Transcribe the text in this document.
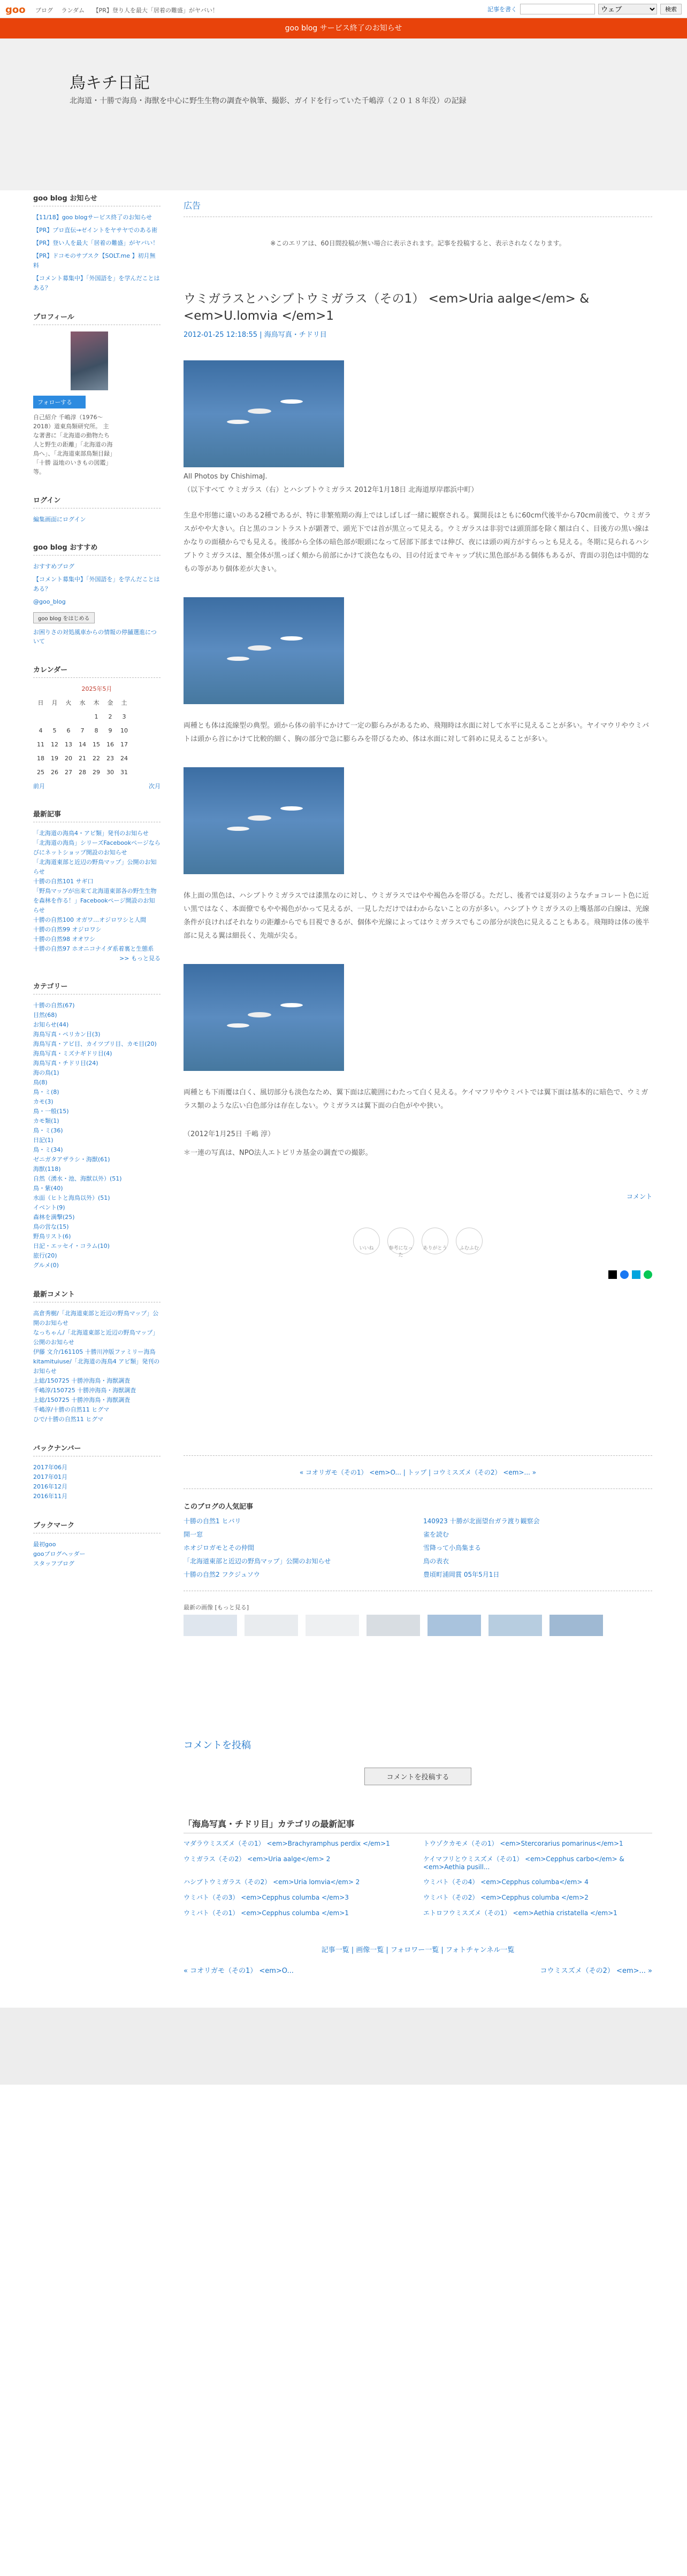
goo ブログ ランダム 【PR】登り人を最大「居着の難盛」がヤバい！	記事を書く
ウェブ	検索
goo blog サービス終了のお知らせ
鳥キチ日記
北海道・十勝で海鳥・海獣を中心に野生生物の調査や執筆、撮影、ガイドを行っていた千嶋淳（２０１８年没）の記録
goo blog お知らせ
【11/18】goo blogサービス終了のお知らせ
【PR】プロ直伝→ゼイントをヤサヤでのある術
【PR】登い人を最大「居着の難盛」がヤバい！
【PR】ドコモのサブスク【SOLT.me 】初月無料
【コメント募集中】「外国語を」を学んだことはある？
プロフィール
フォローする
自己紹介 千嶋淳（1976〜2018）道東鳥類研究所。 主な著書に「北海道の動物たち 人と野生の距離」「北海道の海鳥へ」、「北海道東部鳥類目録」「十勝 溢地のいきもの図鑑」等。
ログイン
編集画面にログイン
goo blog おすすめ
おすすめブログ
【コメント募集中】「外国語を」を学んだことはある？
@goo_blog
goo blog をはじめる
お困りさの対処風車からの情報の停舗選進について
カレンダー
2025年5月
日	月	火	水	木	金	土
				1	2	3
4	5	6	7	8	9	10
11	12	13	14	15	16	17
18	19	20	21	22	23	24
25	26	27	28	29	30	31
前月	次月
最新記事
「北海道の海鳥4・アビ類」発刊のお知らせ
「北海道の海鳥」シリーズFacebookページならびにネットショップ開設のお知らせ
「北海道東部と近辺の野鳥マップ」公開のお知らせ
十勝の自然101 サギ口
「野鳥マップが出来て北海道東部各の野生生物を森林を作る！」Facebookページ開設のお知らせ
十勝の自然100 オガワ…オジロワシと人間
十勝の自然99 オジロワシ
十勝の自然98 オオワシ
十勝の自然97 ホオニコナイダ系着裏と生態系
>> もっと見る
カテゴリー
十勝の自然(67)
目然(68)
お知らせ(44)
海鳥写真・ペリカン目(3)
海鳥写真・アビ目、カイツブリ目、カモ目(20)
海鳥写真・ミズナギドリ目(4)
海鳥写真・チドリ目(24)
海の鳥(1)
鳥(8)
鳥・ミ(8)
カモ(3)
鳥・一般(15)
カモ類(1)
鳥・ミ(36)
日記(1)
鳥・ミ(34)
ゼニガタアザラシ・海獣(61)
海獣(118)
自然（湧水・池、海獣以外）(51)
鳥・紫(40)
水面（ヒトと海鳥以外）(51)
イベント(9)
森林を満撃(25)
鳥の営な(15)
野鳥リスト(6)
日記・エッセイ・コラム(10)
旅行(20)
グルメ(0)
最新コメント
高倉秀樹/「北海道東部と近辺の野鳥マップ」公開のお知らせ
なっちゃん/「北海道東部と近辺の野鳥マップ」公開のお知らせ
伊藤 文介/161105 十勝川沖版ファミリー海鳥
kitamituiuse/「北海道の海鳥4 アビ類」発刊のお知らせ
上総/150725 十勝沖海鳥・海獣調査
千嶋淳/150725 十勝沖海鳥・海獣調査
上総/150725 十勝沖海鳥・海獣調査
千嶋淳/十勝の自然11 ヒグマ
ひで/十勝の自然11 ヒグマ
バックナンバー
2017年06月
2017年01月
2016年12月
2016年11月
ブックマーク
最初goo
gooブログヘッダー
スタッフブログ
広告
※このエリアは、60日間投稿が無い場合に表示されます。記事を投稿すると、表示されなくなります。
ウミガラスとハシブトウミガラス（その1） <em>Uria aalge</em> & <em>U.lomvia </em>1
2012-01-25 12:18:55 | 海鳥写真・チドリ目
All Photos by ChishimaJ.
（以下すべて ウミガラス（右）とハシブトウミガラス 2012年1月18日 北海道厚岸郡浜中町）
生息や形態に違いのある2種であるが、特に非繁殖期の海上ではしばしば一緒に観察される。翼開長はともに60cm代後半から70cm前後で、ウミガラスがやや大きい。白と黒のコントラストが顕著で、頭光下では首が黒立って見える。ウミガラスは非羽では頭頂部を除く額は白く、目後方の黒い線はかなりの面積からでも見える。後部から全体の暗色部が眼頭になって居部下部までは伸び、夜には頭の両方がすらっとも見える。冬期に見られるハシブトウミガラスは、額全体が黒っぽく頬から前部にかけて淡色なもの、目の付近までキャップ状に黒色部がある個体もあるが、背面の羽色は中間的なもの等があり個体差が大きい。
両種とも体は流線型の典型。頭から体の前半にかけて一定の膨らみがあるため、飛翔時は水面に対して水平に見えることが多い。ヤイマウリやウミバトは頭から首にかけて比較的細く、胸の部分で急に膨らみを帯びるため、体は水面に対して斜めに見えることが多い。
体上面の黒色は、ハシブトウミガラスでは漆黒なのに対し、ウミガラスではやや褐色みを帯びる。ただし、後者では夏羽のようなチョコレート色に近い黒ではなく、本面僚でもやや褐色がかって見えるが、一見しただけではわからないことの方が多い。ハシブトウミガラスの上嘴基部の白線は、光線条件が良ければそれなりの距離からでも目視できるが、個体や光線によってはウミガラスでもこの部分が淡色に見えることもある。飛翔時は体の後半部に見える翼は細長く、先端が尖る。
両種とも下雨覆は白く、風切部分も淡色なため、翼下面は広範囲にわたって白く見える。ケイマフリやウミバトでは翼下面は基本的に暗色で、ウミガラス類のような広い白色部分は存在しない。ウミガラスは翼下面の白色がやや狭い。
（2012年1月25日 千嶋 淳）
＊一連の写真は、NPO法人エトピリカ基金の調査での撮影。
コメント
いいね	参考になった
ありがとう	ふむふむ
« コオリガモ（その1） <em>O... | トップ | コウミスズメ（その2） <em>... »
このブログの人気記事
十勝の自然1 ヒバリ	140923 十勝が北面望台ガラ渡り観察会
開一窓	雀を読む
ホオジロガモとその仲間	雪降って小鳥集まる
「北海道東部と近辺の野鳥マップ」公開のお知らせ	鳥の表衣
十勝の自然2 フクジュソウ	豊頃町浦岡賞 05年5月1日
最新の画像 [もっと見る]
コメントを投稿
コメントを投稿する
「海鳥写真・チドリ目」カテゴリの最新記事
マダラウミスズメ（その1） <em>Brachyramphus perdix </em>1	トウゾクカモメ（その1） <em>Stercorarius pomarinus</em>1
ウミガラス（その2） <em>Uria aalge</em> 2	ケイマフリとウミスズメ（その1） <em>Cepphus carbo</em> & <em>Aethia pusill...
ハシブトウミガラス（その2） <em>Uria lomvia</em> 2	ウミバト（その4） <em>Cepphus columba</em> 4
ウミバト（その3） <em>Cepphus columba </em>3	ウミバト（その2） <em>Cepphus columba </em>2
ウミバト（その1） <em>Cepphus columba </em>1	エトロフウミスズメ（その1） <em>Aethia cristatella </em>1
記事一覧 | 画像一覧 | フォロワー一覧 | フォトチャンネル一覧
« コオリガモ（その1） <em>O...	コウミスズメ（その2） <em>... »
